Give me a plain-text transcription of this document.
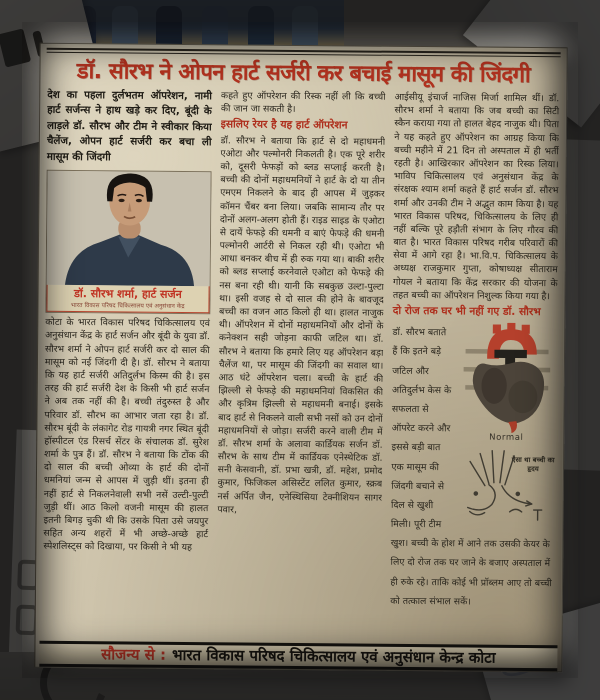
डॉ. सौरभ ने ओपन हार्ट सर्जरी कर बचाई मासूम की जिंदगी
देश का पहला दुर्लभतम ऑपरेशन, नामी हार्ट सर्जन्स ने हाथ खड़े कर दिए, बूंदी के लाड़ले डॉ. सौरभ और टीम ने स्वीकार किया चैलेंज, ओपन हार्ट सर्जरी कर बचा ली मासूम की जिंदगी
डॉ. सौरभ शर्मा, हार्ट सर्जन
भारत विकास परिषद चिकित्सालय एवं अनुसंधान केंद्र
कोटा के भारत विकास परिषद चिकित्सालय एवं अनुसंधान केंद्र के हार्ट सर्जन और बूंदी के युवा डॉ. सौरभ शर्मा ने ओपन हार्ट सर्जरी कर दो साल की मासूम को नई जिंदगी दी है। डॉ. सौरभ ने बताया कि यह हार्ट सर्जरी अतिदुर्लभ किस्म की है। इस तरह की हार्ट सर्जरी देश के किसी भी हार्ट सर्जन ने अब तक नहीं की है। बच्ची तंदुरुस्त है और परिवार डॉ. सौरभ का आभार जता रहा है। डॉ. सौरभ बूंदी के लंकागेट रोड गायत्री नगर स्थित बूंदी हॉस्पीटल एंड रिसर्च सेंटर के संचालक डॉ. सुरेश शर्मा के पुत्र हैं। डॉ. सौरभ ने बताया कि टोंक की दो साल की बच्ची ओव्या के हार्ट की दोनों धमनियां जन्म से आपस में जुड़ी थीं। इतना ही नहीं हार्ट से निकलनेवाली सभी नसें उल्टी-पुल्टी जुड़ी थीं। आठ किलो वजनी मासूम की हालत इतनी बिगड़ चुकी थी कि उसके पिता उसे जयपुर सहित अन्य शहरों में भी अच्छे-अच्छे हार्ट स्पेशलिस्ट्स को दिखाया, पर किसी ने भी यह
कहते हुए ऑपरेशन की रिस्क नहीं ली कि बच्ची की जान जा सकती है।
इसलिए रेयर है यह हार्ट ऑपरेशन
डॉ. सौरभ ने बताया कि हार्ट से दो महाधमनी एओटा और पल्मोनरी निकलती है। एक पूरे शरीर को, दूसरी फेफड़ों को ब्लड सप्लाई करती है। बच्ची की दोनों महाधमनियों ने हार्ट के दो या तीन एमएम निकलने के बाद ही आपस में जुड़कर कॉमन चैंबर बना लिया। जबकि सामान्य तौर पर दोनों अलग-अलग होती हैं। राइड साइड के एओटा से दायें फेफड़े की धमनी व बाएं फेफड़े की धमनी पल्मोनरी आर्टरी से निकल रही थी। एओटा भी आधा बनकर बीच में ही रुक गया था। बाकी शरीर को ब्लड सप्लाई करनेवाले एओटा को फेफड़े की नस बना रही थी। यानी कि सबकुछ उल्टा-पुल्टा था। इसी वजह से दो साल की होने के बावजूद बच्ची का वजन आठ किलो ही था। हालत नाजुक थी। ऑपरेशन में दोनों महाधमनियों और दोनों के कनेक्शन सही जोड़ना काफी जटिल था। डॉ. सौरभ ने बताया कि हमारे लिए यह ऑपरेशन बड़ा चैलेंज था, पर मासूम की जिंदगी का सवाल था। आठ घंटे ऑपरेशन चला। बच्ची के हार्ट की झिल्ली से फेफड़े की महाधमनियां विकसित की और कृत्रिम झिल्ली से महाधमनी बनाई। इसके बाद हार्ट से निकलने वाली सभी नसों को उन दोनों महाधमनियों से जोड़ा। सर्जरी करने वाली टीम में डॉ. सौरभ शर्मा के अलावा कार्डियक सर्जन डॉ. सौरभ के साथ टीम में कार्डियक एनेस्थेटिक डॉ. सनी केसवानी, डॉ. प्रभा खत्री, डॉ. महेश, प्रमोद कुमार, फिजिकल असिस्टेंट ललित कुमार, स्क्रब नर्स अर्पित जैन, एनेस्थिसिया टेक्नीशियन सागर पवार,
आईसीयू इंचार्ज नाजिस मिर्जा शामिल थीं। डॉ. सौरभ शर्मा ने बताया कि जब बच्ची का सिटी स्कैन कराया गया तो हालत बेहद नाजुक थी। पिता ने यह कहते हुए ऑपरेशन का आग्रह किया कि बच्ची महीने में 21 दिन तो अस्पताल में ही भर्ती रहती है। आखिरकार ऑपरेशन का रिस्क लिया। भाविप चिकित्सालय एवं अनुसंधान केंद्र के संरक्षक श्याम शर्मा कहते हैं हार्ट सर्जन डॉ. सौरभ शर्मा और उनकी टीम ने अद्भुत काम किया है। यह भारत विकास परिषद, चिकित्सालय के लिए ही नहीं बल्कि पूरे हड़ौती संभाग के लिए गौरव की बात है। भारत विकास परिषद गरीब परिवारों की सेवा में आगे रहा है। भा.वि.प. चिकित्सालय के अध्यक्ष राजकुमार गुप्ता, कोषाध्यक्ष सीताराम गोयल ने बताया कि केंद्र सरकार की योजना के तहत बच्ची का ऑपरेशन निशुल्क किया गया है।
दो रोज तक घर भी नहीं गए डॉ. सौरभ
Normal
ऐसा था बच्ची का हृदय
डॉ. सौरभ बताते हैं कि इतने बड़े जटिल और अतिदुर्लभ केस के सफलता से ऑपरेट करने और इससे बड़ी बात एक मासूम की जिंदगी बचाने से दिल से खुशी मिली। पूरी टीम खुश। बच्ची के होश में आने तक उसकी केयर के लिए दो रोज तक घर जाने के बजाए अस्पताल में ही रुके रहे। ताकि कोई भी प्रॉब्लम आए तो बच्ची को तत्काल संभाल सकें।
सौजन्य से : भारत विकास परिषद चिकित्सालय एवं अनुसंधान केन्द्र कोटा
